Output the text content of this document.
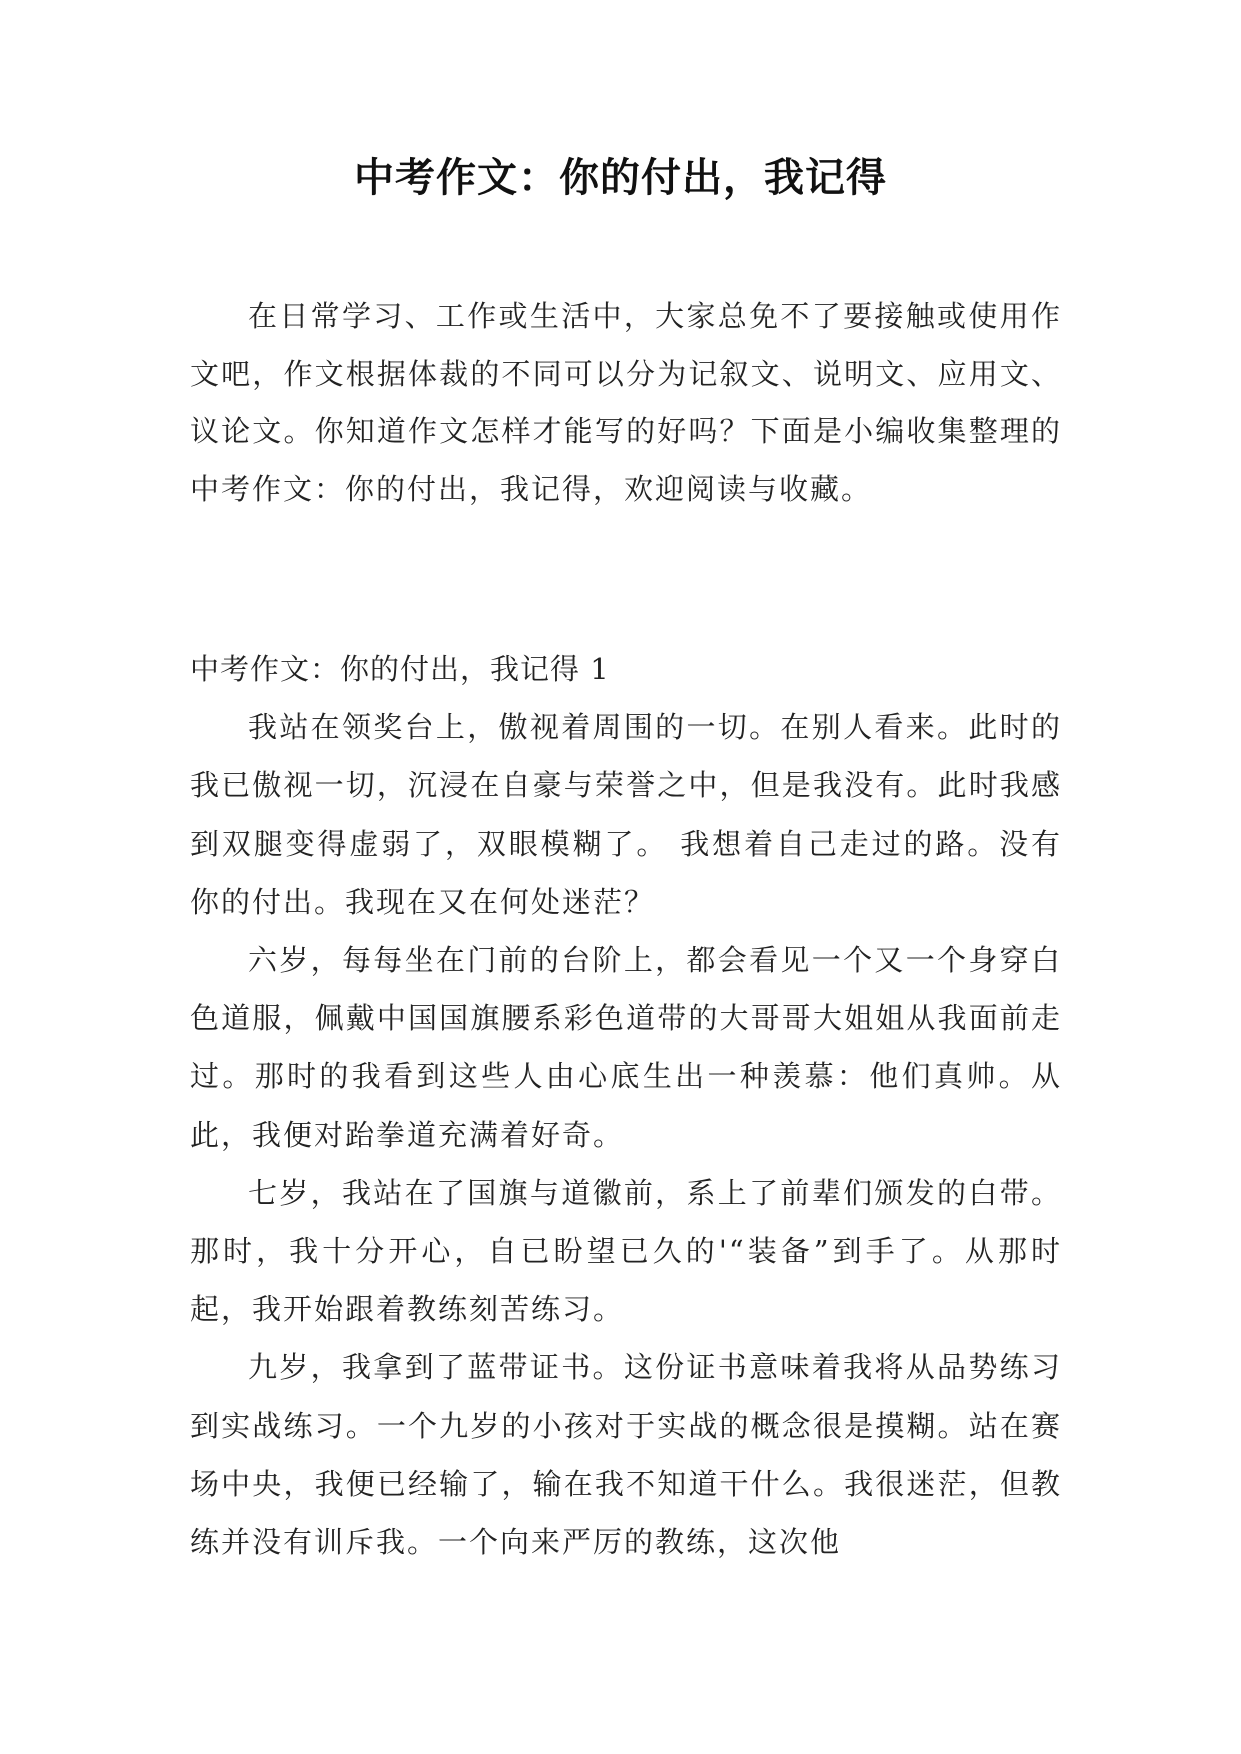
中考作文：你的付出，我记得

在日常学习、工作或生活中，大家总免不了要接触或使用作文吧，作文根据体裁的不同可以分为记叙文、说明文、应用文、议论文。你知道作文怎样才能写的好吗？下面是小编收集整理的中考作文：你的付出，我记得，欢迎阅读与收藏。

中考作文：你的付出，我记得 1

我站在领奖台上，傲视着周围的一切。在别人看来。此时的我已傲视一切，沉浸在自豪与荣誉之中，但是我没有。此时我感到双腿变得虚弱了，双眼模糊了。 我想着自己走过的路。没有你的付出。我现在又在何处迷茫？

六岁，每每坐在门前的台阶上，都会看见一个又一个身穿白色道服，佩戴中国国旗腰系彩色道带的大哥哥大姐姐从我面前走过。那时的我看到这些人由心底生出一种羡慕：他们真帅。从此，我便对跆拳道充满着好奇。

七岁，我站在了国旗与道徽前，系上了前辈们颁发的白带。那时，我十分开心，自已盼望已久的'“装备”到手了。从那时起，我开始跟着教练刻苦练习。

九岁，我拿到了蓝带证书。这份证书意味着我将从品势练习到实战练习。一个九岁的小孩对于实战的概念很是摸糊。站在赛场中央，我便已经输了，输在我不知道干什么。我很迷茫，但教练并没有训斥我。一个向来严厉的教练，这次他
